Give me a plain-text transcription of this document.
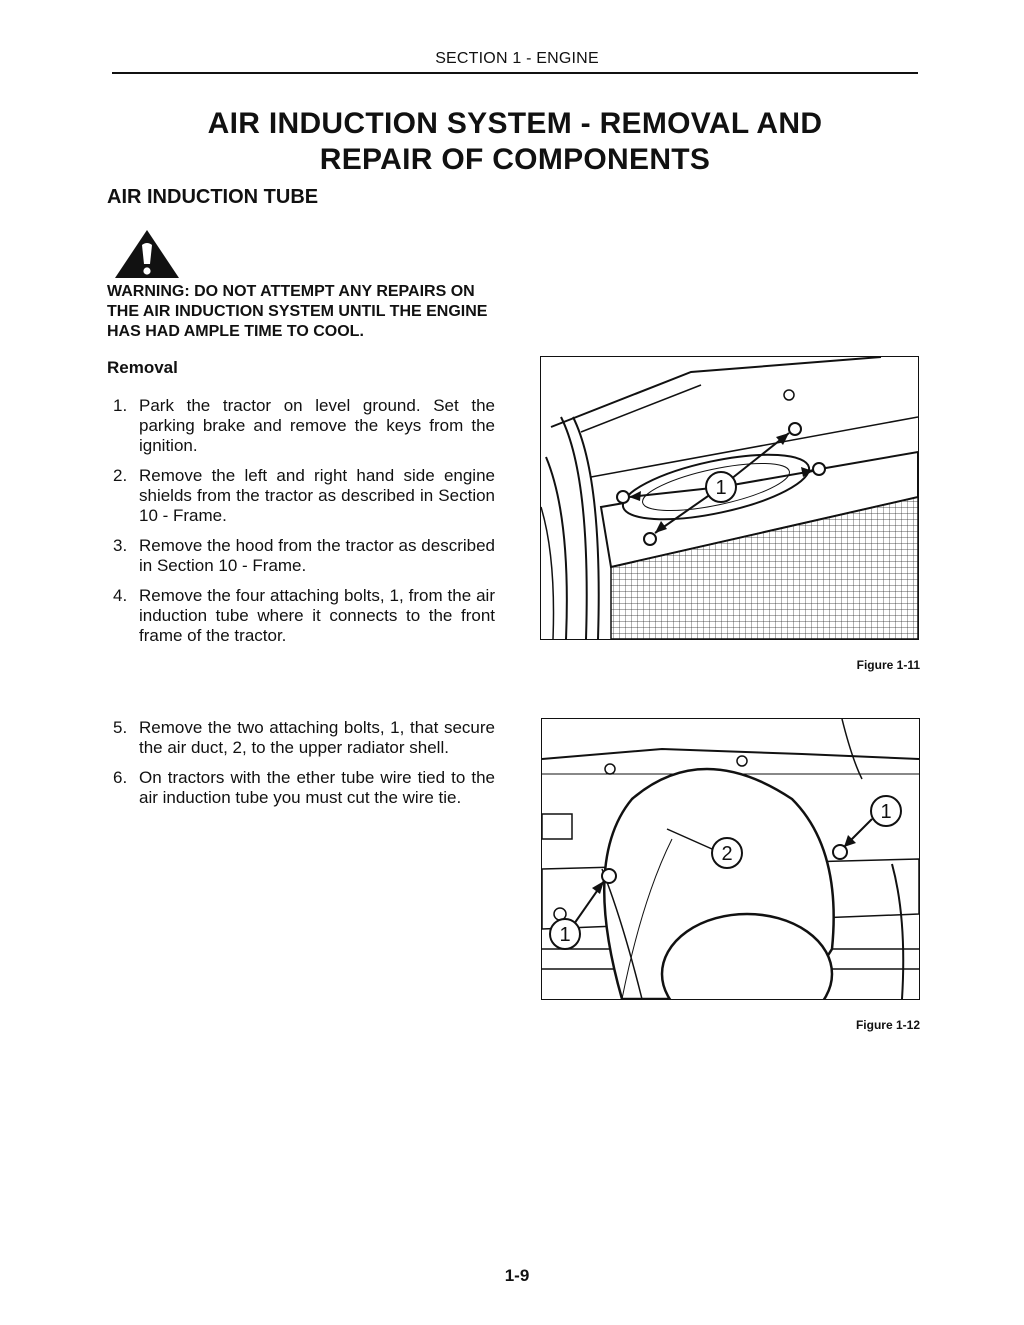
SECTION 1 - ENGINE
AIR INDUCTION SYSTEM - REMOVAL AND
REPAIR OF COMPONENTS
AIR INDUCTION TUBE
WARNING: DO NOT ATTEMPT ANY REPAIRS ON THE AIR INDUCTION SYSTEM UNTIL THE ENGINE HAS HAD AMPLE TIME TO COOL.
Removal
1. Park the tractor on level ground. Set the parking brake and remove the keys from the ignition.
2. Remove the left and right hand side engine shields from the tractor as described in Section 10 - Frame.
3. Remove the hood from the tractor as described in Section 10 - Frame.
4. Remove the four attaching bolts, 1, from the air induction tube where it connects to the front frame of the tractor.
5. Remove the two attaching bolts, 1, that secure the air duct, 2, to the upper radiator shell.
6. On tractors with the ether tube wire tied to the air induction tube you must cut the wire tie.
1
Figure 1-11
1
2
1
Figure 1-12
1-9
